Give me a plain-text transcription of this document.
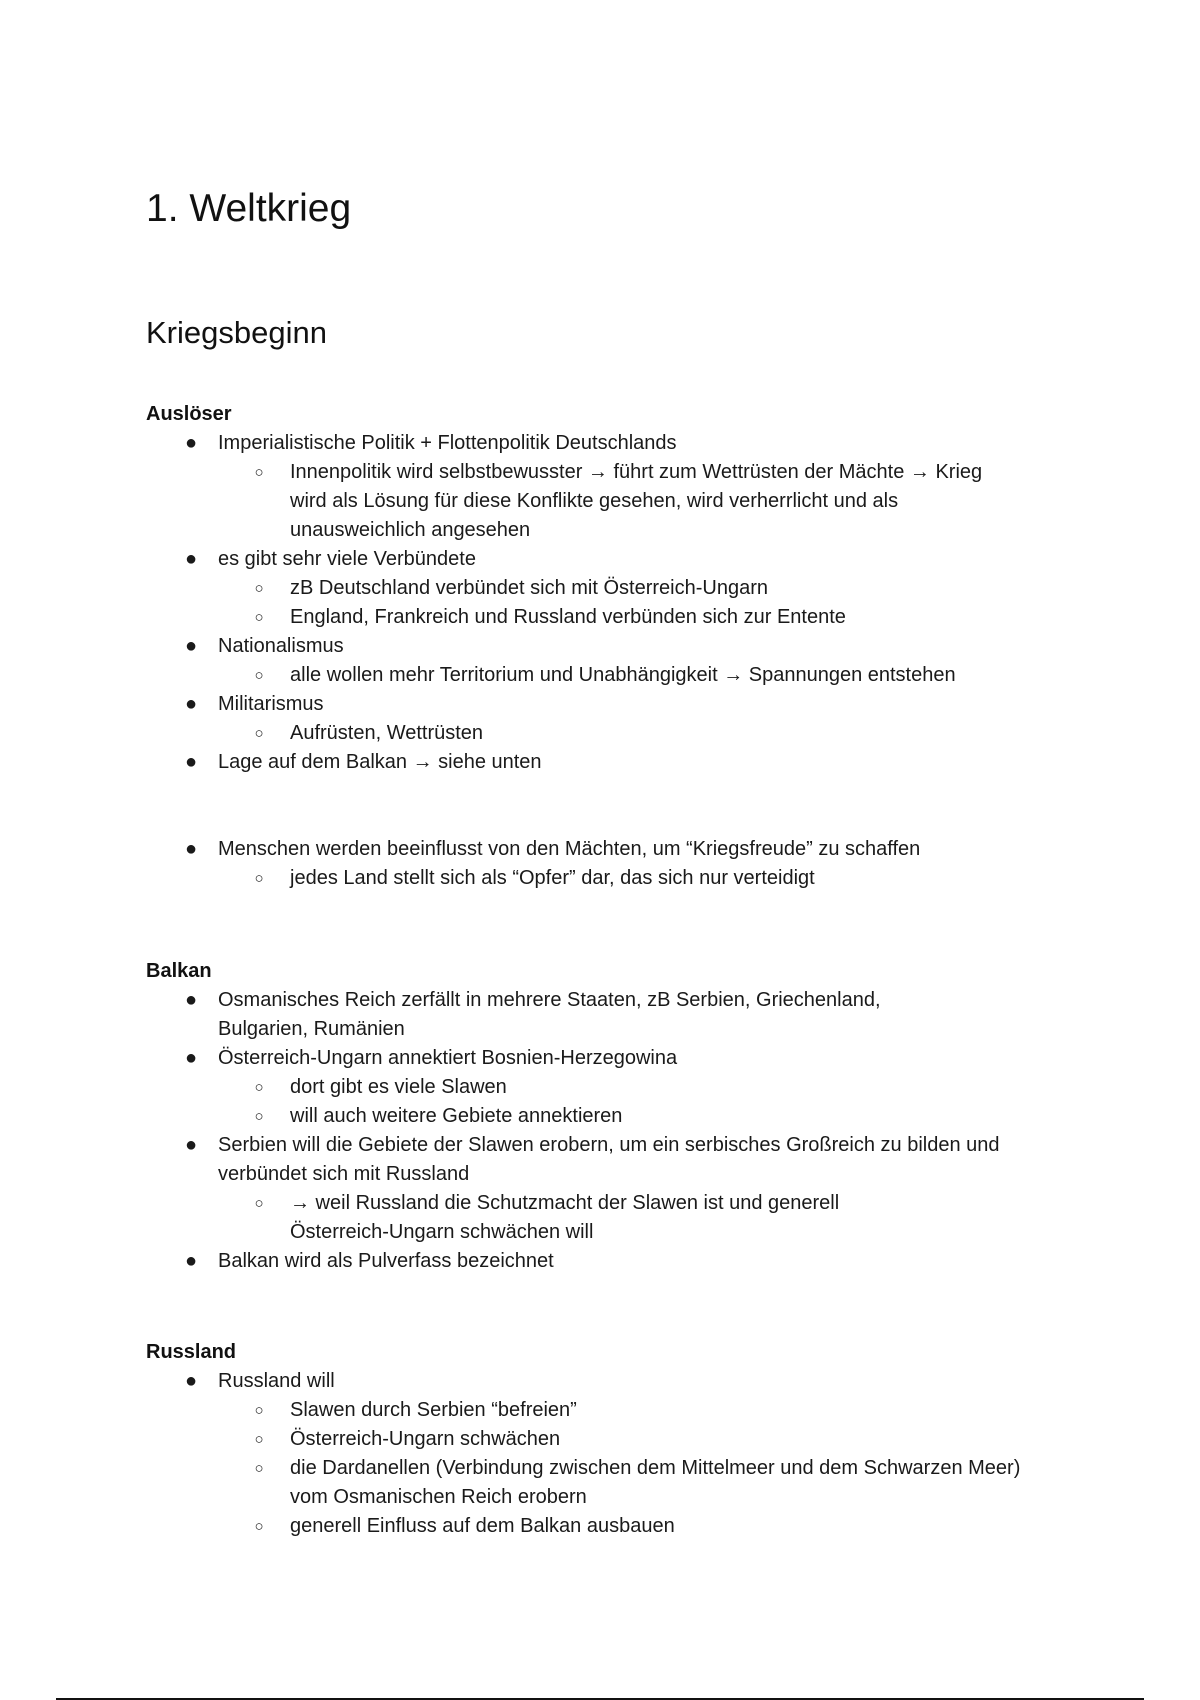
1. Weltkrieg
Kriegsbeginn
Auslöser
● Imperialistische Politik + Flottenpolitik Deutschlands
○ Innenpolitik wird selbstbewusster → führt zum Wettrüsten der Mächte → Krieg wird als Lösung für diese Konflikte gesehen, wird verherrlicht und als unausweichlich angesehen
● es gibt sehr viele Verbündete
○ zB Deutschland verbündet sich mit Österreich-Ungarn
○ England, Frankreich und Russland verbünden sich zur Entente
● Nationalismus
○ alle wollen mehr Territorium und Unabhängigkeit → Spannungen entstehen
● Militarismus
○ Aufrüsten, Wettrüsten
● Lage auf dem Balkan → siehe unten
● Menschen werden beeinflusst von den Mächten, um “Kriegsfreude” zu schaffen
○ jedes Land stellt sich als “Opfer” dar, das sich nur verteidigt
Balkan
● Osmanisches Reich zerfällt in mehrere Staaten, zB Serbien, Griechenland, Bulgarien, Rumänien
● Österreich-Ungarn annektiert Bosnien-Herzegowina
○ dort gibt es viele Slawen
○ will auch weitere Gebiete annektieren
● Serbien will die Gebiete der Slawen erobern, um ein serbisches Großreich zu bilden und verbündet sich mit Russland
○ → weil Russland die Schutzmacht der Slawen ist und generell Österreich-Ungarn schwächen will
● Balkan wird als Pulverfass bezeichnet
Russland
● Russland will
○ Slawen durch Serbien “befreien”
○ Österreich-Ungarn schwächen
○ die Dardanellen (Verbindung zwischen dem Mittelmeer und dem Schwarzen Meer) vom Osmanischen Reich erobern
○ generell Einfluss auf dem Balkan ausbauen
